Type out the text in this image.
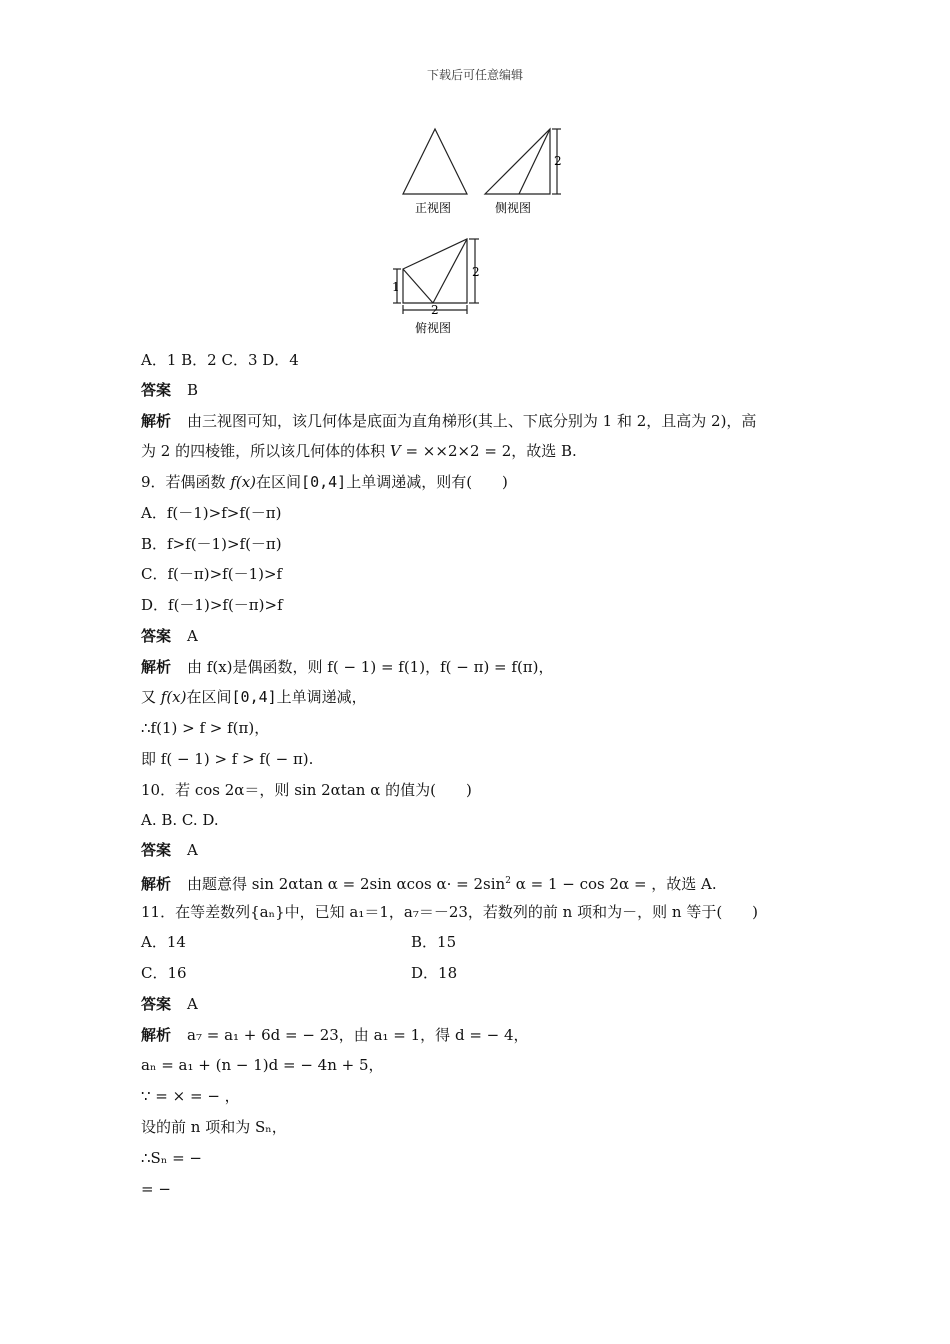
下载后可任意编辑
2
2
1
2
正视图	侧视图
俯视图
A．1 B．2 C．3 D．4
答案 B
解析 由三视图可知，该几何体是底面为直角梯形(其上、下底分别为 1 和 2，且高为 2)，高
为 2 的四棱锥，所以该几何体的体积 V = ××2×2 = 2，故选 B.
9．若偶函数 f(x)在区间[0,4]上单调递减，则有(　　)
A．f(－1)>f>f(－π)
B．f>f(－1)>f(－π)
C．f(－π)>f(－1)>f
D．f(－1)>f(－π)>f
答案 A
解析 由 f(x)是偶函数，则 f( − 1) = f(1)，f( − π) = f(π)，
又 f(x)在区间[0,4]上单调递减，
∴f(1) > f > f(π)，
即 f( − 1) > f > f( − π).
10．若 cos 2α＝，则 sin 2αtan α 的值为(　　)
A. B. C. D.
答案 A
解析 由题意得 sin 2αtan α = 2sin αcos $\alpha\cdot = 2\sin^2$ α = 1 − cos 2α = ，故选 A.
11．在等差数列{aₙ}中，已知 a₁＝1，a₇＝－23，若数列的前 n 项和为－，则 n 等于(　　)
A．14	B．15
C．16	D．18
答案 A
解析 a₇ = a₁ + 6d = − 23，由 a₁ = 1，得 d = − 4，
aₙ = a₁ + (n − 1)d = − 4n + 5，
∵ = × = − ，
设的前 n 项和为 Sₙ，
∴Sₙ = −
= −
